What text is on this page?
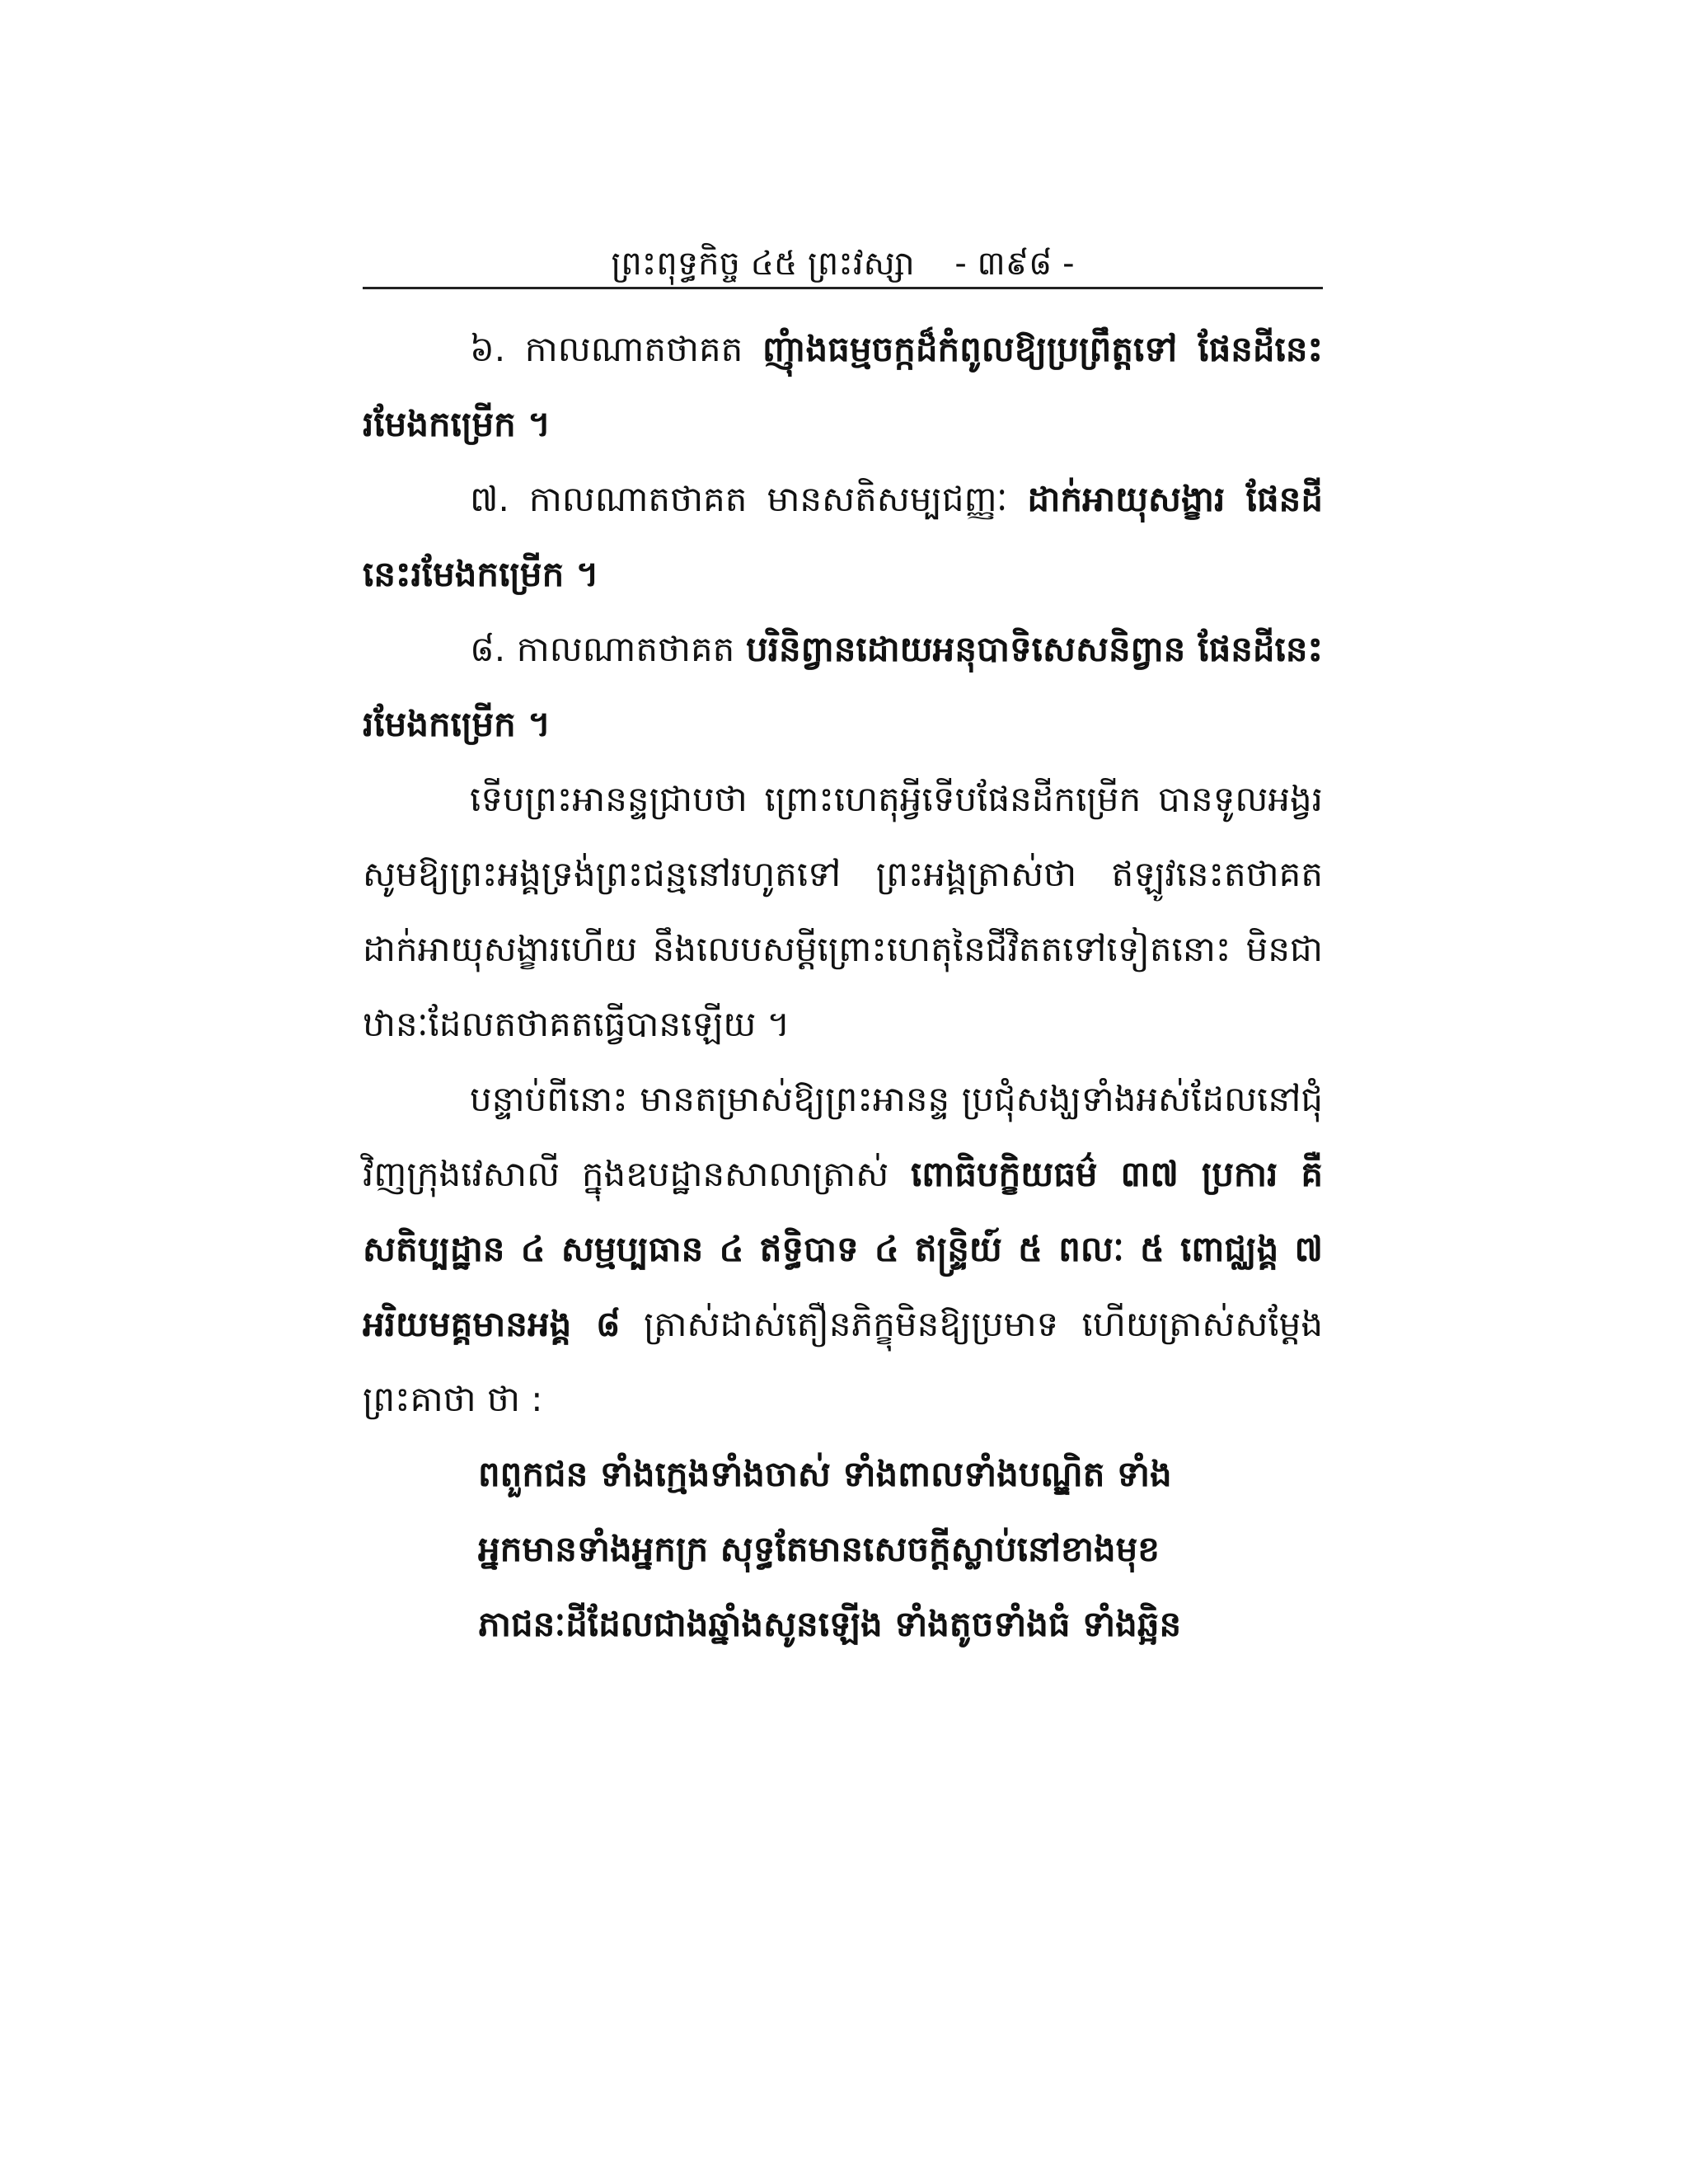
ព្រះពុទ្ធកិច្ច ៤៥ ព្រះវស្សា - ៣៩៨ -

៦. កាលណាតថាគត ញុំាងធម្មចក្កដ៏កំពូលឱ្យប្រព្រឹត្តទៅ ផែនដីនេះរមែងកម្រើក ។

៧. កាលណាតថាគត មានសតិសម្បជញ្ញៈ ដាក់អាយុសង្ខារ ផែនដីនេះរមែងកម្រើក ។

៨. កាលណាតថាគត បរិនិព្វានដោយអនុបាទិសេសនិព្វាន ផែនដីនេះរមែងកម្រើក ។

ទើបព្រះអានន្ទជ្រាបថា ព្រោះហេតុអ្វីទើបផែនដីកម្រើក បានទូលអង្វរសូមឱ្យព្រះអង្គទ្រង់ព្រះជន្មនៅរហូតទៅ ព្រះអង្គត្រាស់ថា ឥឡូវនេះតថាគតដាក់អាយុសង្ខារហើយ នឹងលេបសម្ដីព្រោះហេតុនៃជីវិតតទៅទៀតនោះ មិនជាឋានៈដែលតថាគតធ្វើបានឡើយ ។

បន្ទាប់ពីនោះ មានតម្រាស់ឱ្យព្រះអានន្ទ ប្រជុំសង្ឃទាំងអស់ដែលនៅជុំវិញក្រុងវេសាលី ក្នុងឧបដ្ឋានសាលាត្រាស់ ពោធិបក្ខិយធម៌ ៣៧ ប្រការ គឺ សតិប្បដ្ឋាន ៤ សម្មប្បធាន ៤ ឥទ្ធិបាទ ៤ ឥន្ទ្រិយ៍ ៥ ពលៈ ៥ ពោជ្ឈង្គ ៧ អរិយមគ្គមានអង្គ ៨ ត្រាស់ដាស់តឿនភិក្ខុមិនឱ្យប្រមាទ ហើយត្រាស់សម្ដែងព្រះគាថា ថា :

ពពួកជន ទាំងក្មេងទាំងចាស់ ទាំងពាលទាំងបណ្ឌិត ទាំង
អ្នកមានទាំងអ្នកក្រ សុទ្ធតែមានសេចក្ដីស្លាប់នៅខាងមុខ
ភាជនៈដីដែលជាងឆ្នាំងសូនឡើង ទាំងតូចទាំងធំ ទាំងឆ្អិន
